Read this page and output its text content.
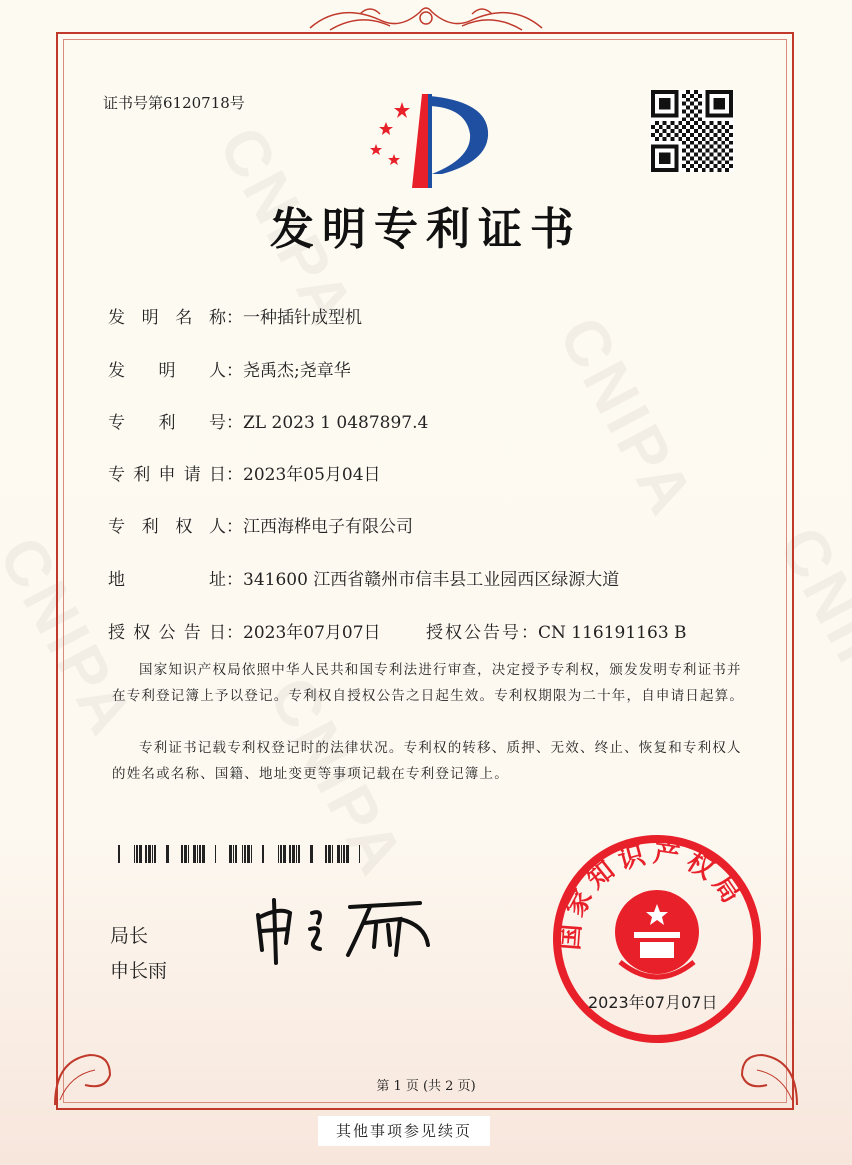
证书号第6120718号
发明专利证书
发明名称：一种插针成型机
发明人：尧禹杰;尧章华
专利号：ZL 2023 1 0487897.4
专利申请日：2023年05月04日
专利权人：江西海桦电子有限公司
地址：341600 江西省赣州市信丰县工业园西区绿源大道
授权公告日：2023年07月07日	授权公告号：CN 116191163 B
国家知识产权局依照中华人民共和国专利法进行审查，决定授予专利权，颁发发明专利证书并在专利登记簿上予以登记。专利权自授权公告之日起生效。专利权期限为二十年，自申请日起算。
专利证书记载专利权登记时的法律状况。专利权的转移、质押、无效、终止、恢复和专利权人的姓名或名称、国籍、地址变更等事项记载在专利登记簿上。
局长
申长雨
国家知识产权局
2023年07月07日
第 1 页 (共 2 页)
其他事项参见续页
